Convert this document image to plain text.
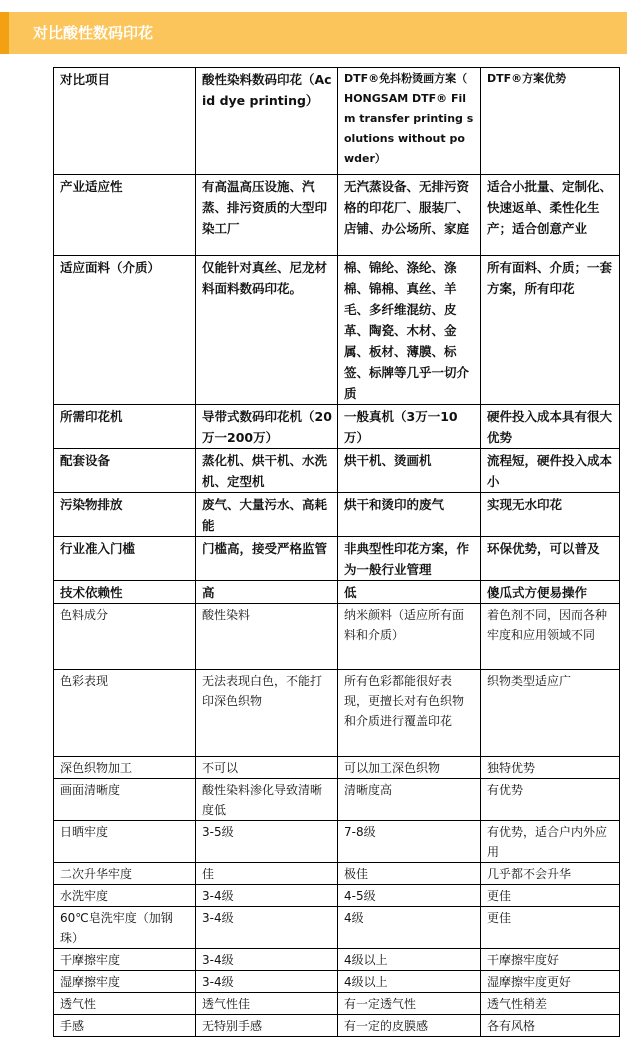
对比酸性数码印花
对比项目	酸性染料数码印花（Acid dye printing）	DTF®免抖粉烫画方案（ HONGSAM DTF® Film transfer printing solutions without powder）	DTF®方案优势
产业适应性	有高温高压设施、汽蒸、排污资质的大型印染工厂	无汽蒸设备、无排污资格的印花厂、服装厂、店铺、办公场所、家庭	适合小批量、定制化、快速返单、柔性化生产；适合创意产业
适应面料（介质）	仅能针对真丝、尼龙材料面料数码印花。	棉、锦纶、涤纶、涤棉、锦棉、真丝、羊毛、多纤维混纺、皮革、陶瓷、木材、金属、板材、薄膜、标签、标牌等几乎一切介质	所有面料、介质；一套方案，所有印花
所需印花机	导带式数码印花机（20万一200万）	一般真机（3万一10万）	硬件投入成本具有很大优势
配套设备	蒸化机、烘干机、水洗机、定型机	烘干机、烫画机	流程短，硬件投入成本小
污染物排放	废气、大量污水、高耗能	烘干和烫印的废气	实现无水印花
行业准入门槛	门槛高，接受严格监管	非典型性印花方案，作为一般行业管理	环保优势，可以普及
技术依赖性	高	低	傻瓜式方便易操作
色料成分	酸性染料	纳米颜料（适应所有面料和介质）	着色剂不同，因而各种牢度和应用领域不同
色彩表现	无法表现白色，不能打印深色织物	所有色彩都能很好表现，更擅长对有色织物和介质进行覆盖印花	织物类型适应广
深色织物加工	不可以	可以加工深色织物	独特优势
画面清晰度	酸性染料渗化导致清晰度低	清晰度高	有优势
日晒牢度	3-5级	7-8级	有优势，适合户内外应用
二次升华牢度	佳	极佳	几乎都不会升华
水洗牢度	3-4级	4-5级	更佳
60℃皂洗牢度（加钢珠）	3-4级	4级	更佳
干摩擦牢度	3-4级	4级以上	干摩擦牢度好
湿摩擦牢度	3-4级	4级以上	湿摩擦牢度更好
透气性	透气性佳	有一定透气性	透气性稍差
手感	无特别手感	有一定的皮膜感	各有风格
